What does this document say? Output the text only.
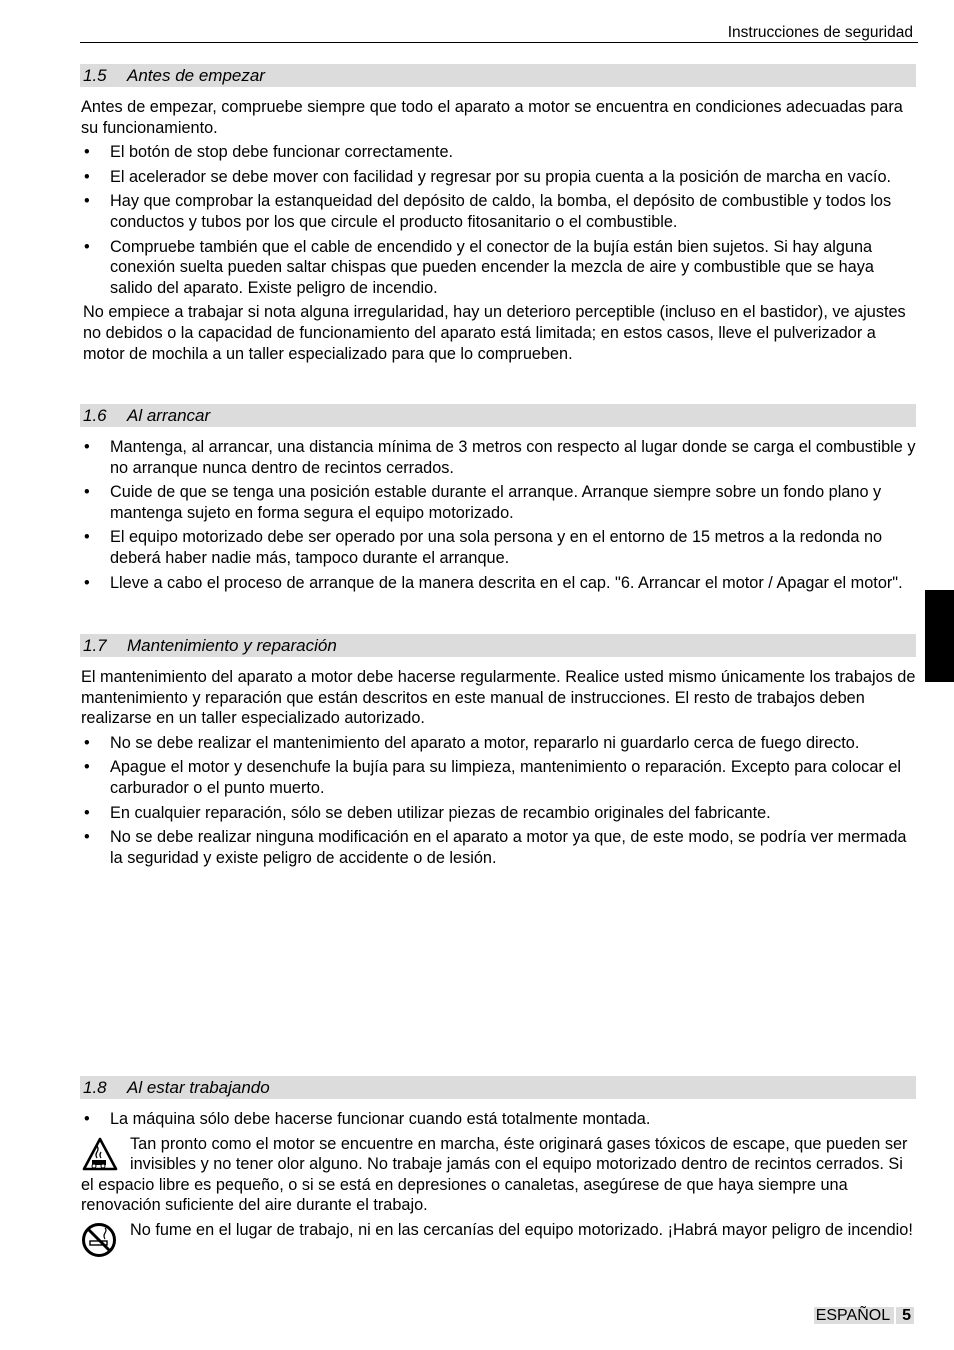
Instrucciones de seguridad
1.5 Antes de empezar

Antes de empezar, compruebe siempre que todo el aparato a motor se encuentra en condiciones adecuadas para su funcionamiento.

• El botón de stop debe funcionar correctamente.
• El acelerador se debe mover con facilidad y regresar por su propia cuenta a la posición de marcha en vacío.
• Hay que comprobar la estanqueidad del depósito de caldo, la bomba, el depósito de combustible y todos los conductos y tubos por los que circule el producto fitosanitario o el combustible.
• Compruebe también que el cable de encendido y el conector de la bujía están bien sujetos. Si hay alguna conexión suelta pueden saltar chispas que pueden encender la mezcla de aire y combustible que se haya salido del aparato. Existe peligro de incendio.

No empiece a trabajar si nota alguna irregularidad, hay un deterioro perceptible (incluso en el bastidor), ve ajustes no debidos o la capacidad de funcionamiento del aparato está limitada; en estos casos, lleve el pulverizador a motor de mochila a un taller especializado para que lo comprueben.

1.6 Al arrancar
• Mantenga, al arrancar, una distancia mínima de 3 metros con respecto al lugar donde se carga el combustible y no arranque nunca dentro de recintos cerrados.
• Cuide de que se tenga una posición estable durante el arranque. Arranque siempre sobre un fondo plano y mantenga sujeto en forma segura el equipo motorizado.
• El equipo motorizado debe ser operado por una sola persona y en el entorno de 15 metros a la redonda no deberá haber nadie más, tampoco durante el arranque.
• Lleve a cabo el proceso de arranque de la manera descrita en el cap. "6. Arrancar el motor / Apagar el motor".
1.7 Mantenimiento y reparación

El mantenimiento del aparato a motor debe hacerse regularmente. Realice usted mismo únicamente los trabajos de mantenimiento y reparación que están descritos en este manual de instrucciones. El resto de trabajos deben realizarse en un taller especializado autorizado.

• No se debe realizar el mantenimiento del aparato a motor, repararlo ni guardarlo cerca de fuego directo.
• Apague el motor y desenchufe la bujía para su limpieza, mantenimiento o reparación. Excepto para colocar el carburador o el punto muerto.
• En cualquier reparación, sólo se deben utilizar piezas de recambio originales del fabricante.
• No se debe realizar ninguna modificación en el aparato a motor ya que, de este modo, se podría ver mermada la seguridad y existe peligro de accidente o de lesión.
1.8 Al estar trabajando
• La máquina sólo debe hacerse funcionar cuando está totalmente montada.
Tan pronto como el motor se encuentre en marcha, éste originará gases tóxicos de escape, que pueden ser invisibles y no tener olor alguno. No trabaje jamás con el equipo motorizado dentro de recintos cerrados. Si el espacio libre es pequeño, o si se está en depresiones o canaletas, asegúrese de que haya siempre una renovación suficiente del aire durante el trabajo.
No fume en el lugar de trabajo, ni en las cercanías del equipo motorizado. ¡Habrá mayor peligro de incendio!
ESPAÑOL 5
